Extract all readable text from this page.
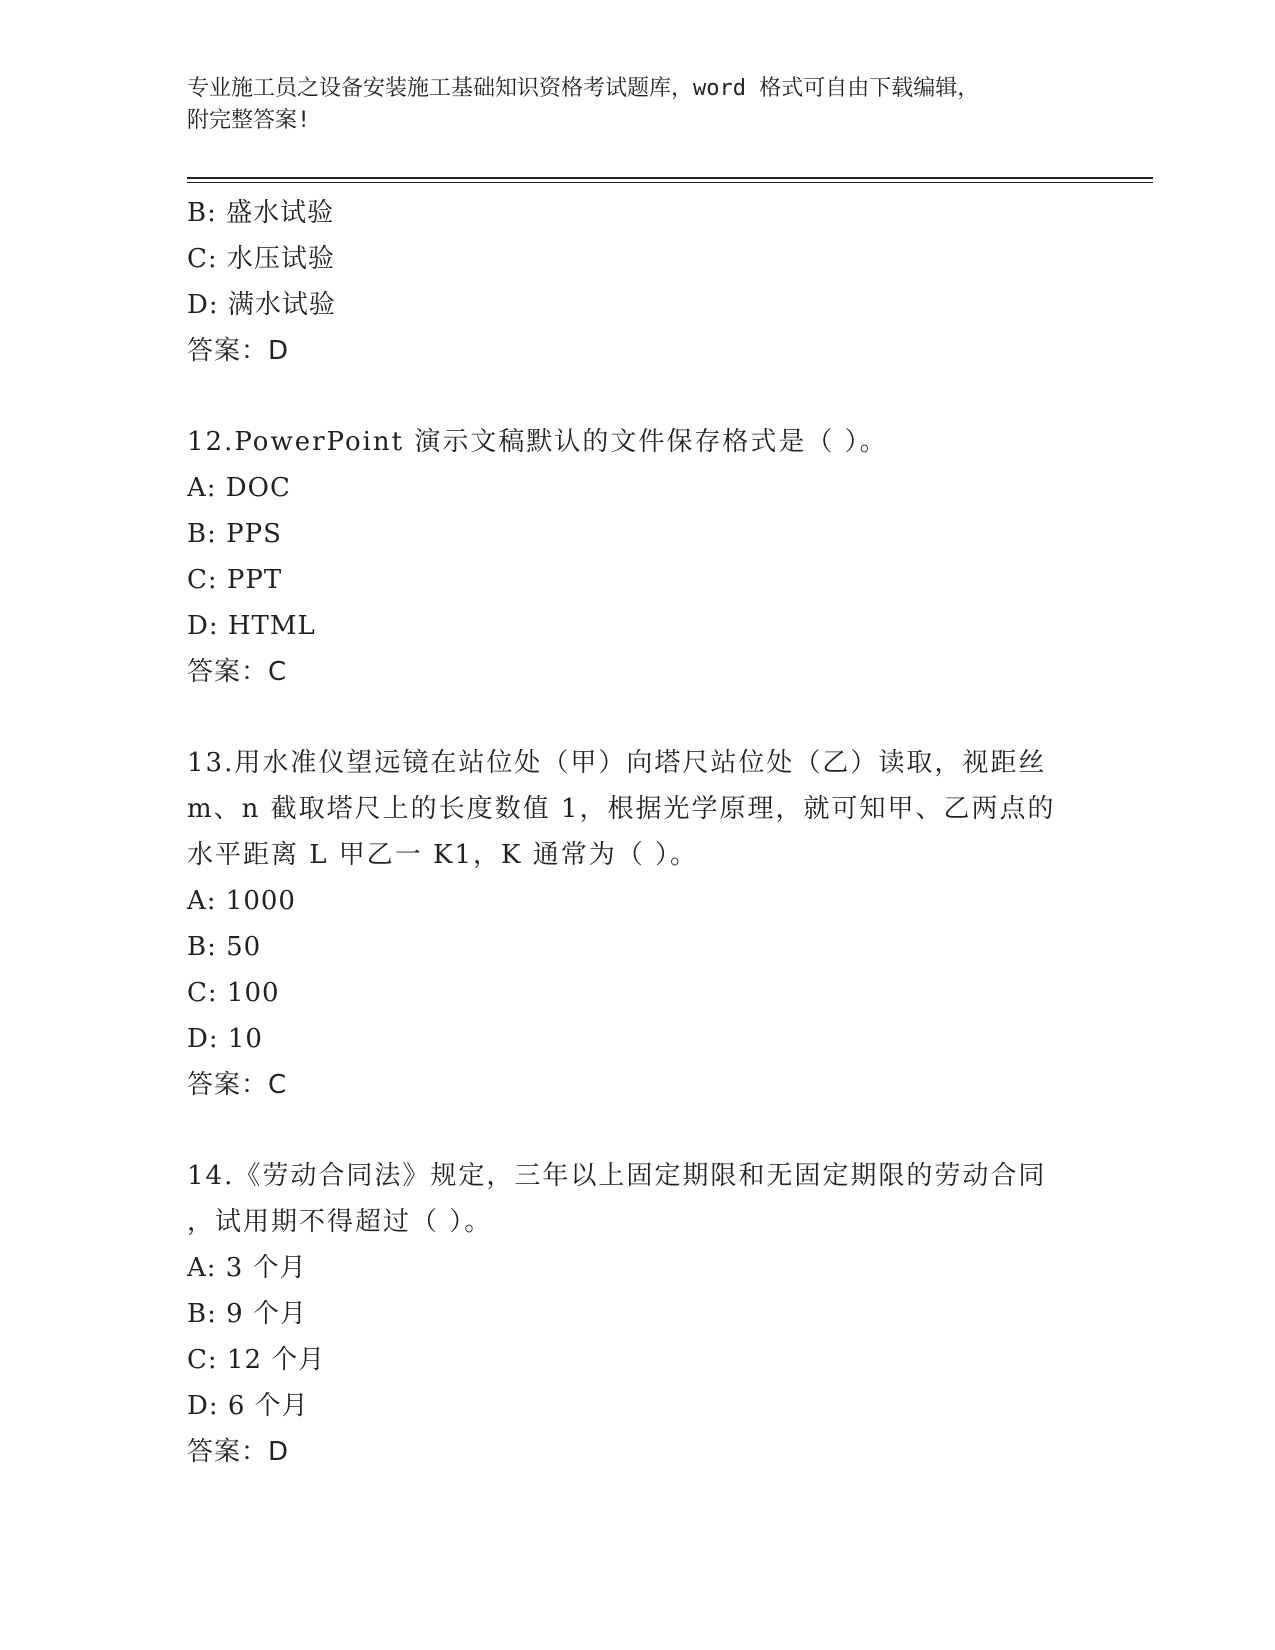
专业施工员之设备安装施工基础知识资格考试题库，word 格式可自由下载编辑，
附完整答案!
B: 盛水试验
C: 水压试验
D: 满水试验
答案：D
12.PowerPoint 演示文稿默认的文件保存格式是（ ）。
A: DOC
B: PPS
C: PPT
D: HTML
答案：C
13.用水准仪望远镜在站位处（甲）向塔尺站位处（乙）读取，视距丝
m、n 截取塔尺上的长度数值 1，根据光学原理，就可知甲、乙两点的
水平距离 L 甲乙一 K1，K 通常为（ ）。
A: 1000
B: 50
C: 100
D: 10
答案：C
14.《劳动合同法》规定，三年以上固定期限和无固定期限的劳动合同
，试用期不得超过（ ）。
A: 3 个月
B: 9 个月
C: 12 个月
D: 6 个月
答案：D
